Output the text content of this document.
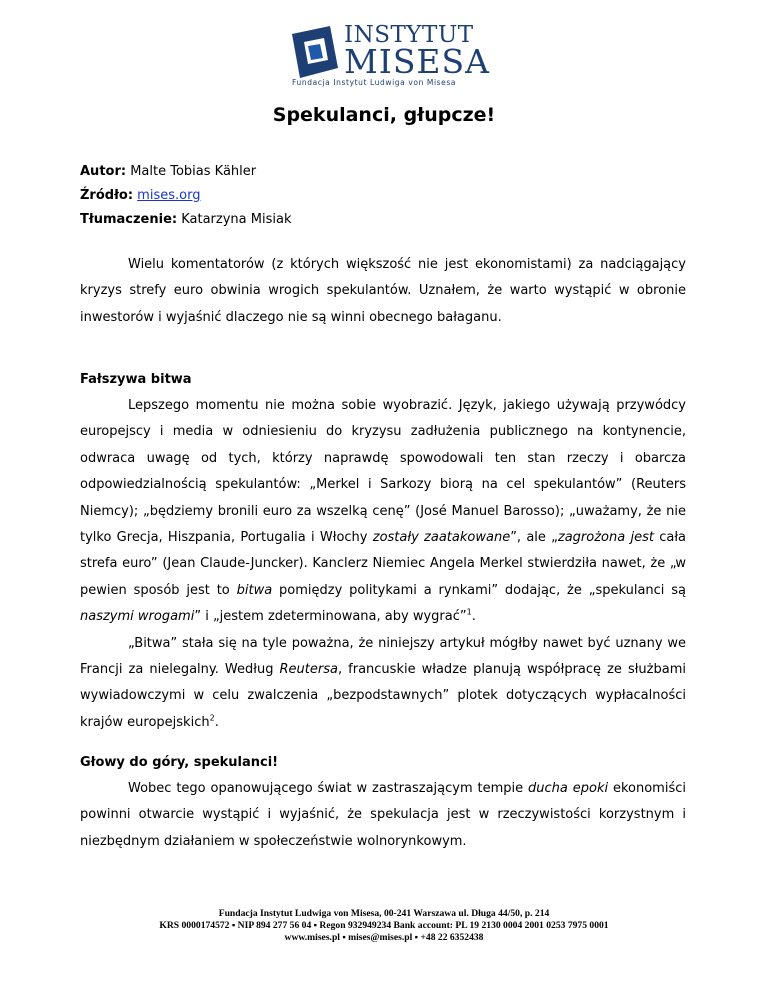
INSTYTUT
MISESA
Fundacja Instytut Ludwiga von Misesa
Spekulanci, głupcze!
Autor: Malte Tobias Kähler
Źródło: mises.org
Tłumaczenie: Katarzyna Misiak

Wielu komentatorów (z których większość nie jest ekonomistami) za nadciągający kryzys strefy euro obwinia wrogich spekulantów. Uznałem, że warto wystąpić w obronie inwestorów i wyjaśnić dlaczego nie są winni obecnego bałaganu.

Fałszywa bitwa

Lepszego momentu nie można sobie wyobrazić. Język, jakiego używają przywódcy europejscy i media w odniesieniu do kryzysu zadłużenia publicznego na kontynencie, odwraca uwagę od tych, którzy naprawdę spowodowali ten stan rzeczy i obarcza odpowiedzialnością spekulantów: „Merkel i Sarkozy biorą na cel spekulantów” (Reuters Niemcy); „będziemy bronili euro za wszelką cenę” (José Manuel Barosso); „uważamy, że nie tylko Grecja, Hiszpania, Portugalia i Włochy zostały zaatakowane”, ale „zagrożona jest cała strefa euro” (Jean Claude-Juncker). Kanclerz Niemiec Angela Merkel stwierdziła nawet, że „w pewien sposób jest to bitwa pomiędzy politykami a rynkami” dodając, że „spekulanci są naszymi wrogami” i „jestem zdeterminowana, aby wygrać”$^1$.

„Bitwa” stała się na tyle poważna, że niniejszy artykuł mógłby nawet być uznany we Francji za nielegalny. Według Reutersa, francuskie władze planują współpracę ze służbami wywiadowczymi w celu zwalczenia „bezpodstawnych” plotek dotyczących wypłacalności krajów europejskich$^2$.

Głowy do góry, spekulanci!

Wobec tego opanowującego świat w zastraszającym tempie ducha epoki ekonomiści powinni otwarcie wystąpić i wyjaśnić, że spekulacja jest w rzeczywistości korzystnym i niezbędnym działaniem w społeczeństwie wolnorynkowym.

Fundacja Instytut Ludwiga von Misesa, 00-241 Warszawa ul. Długa 44/50, p. 214
KRS 0000174572 ▪ NIP 894 277 56 04 ▪ Regon 932949234 Bank account: PL 19 2130 0004 2001 0253 7975 0001
www.mises.pl ▪ mises@mises.pl ▪ +48 22 6352438
